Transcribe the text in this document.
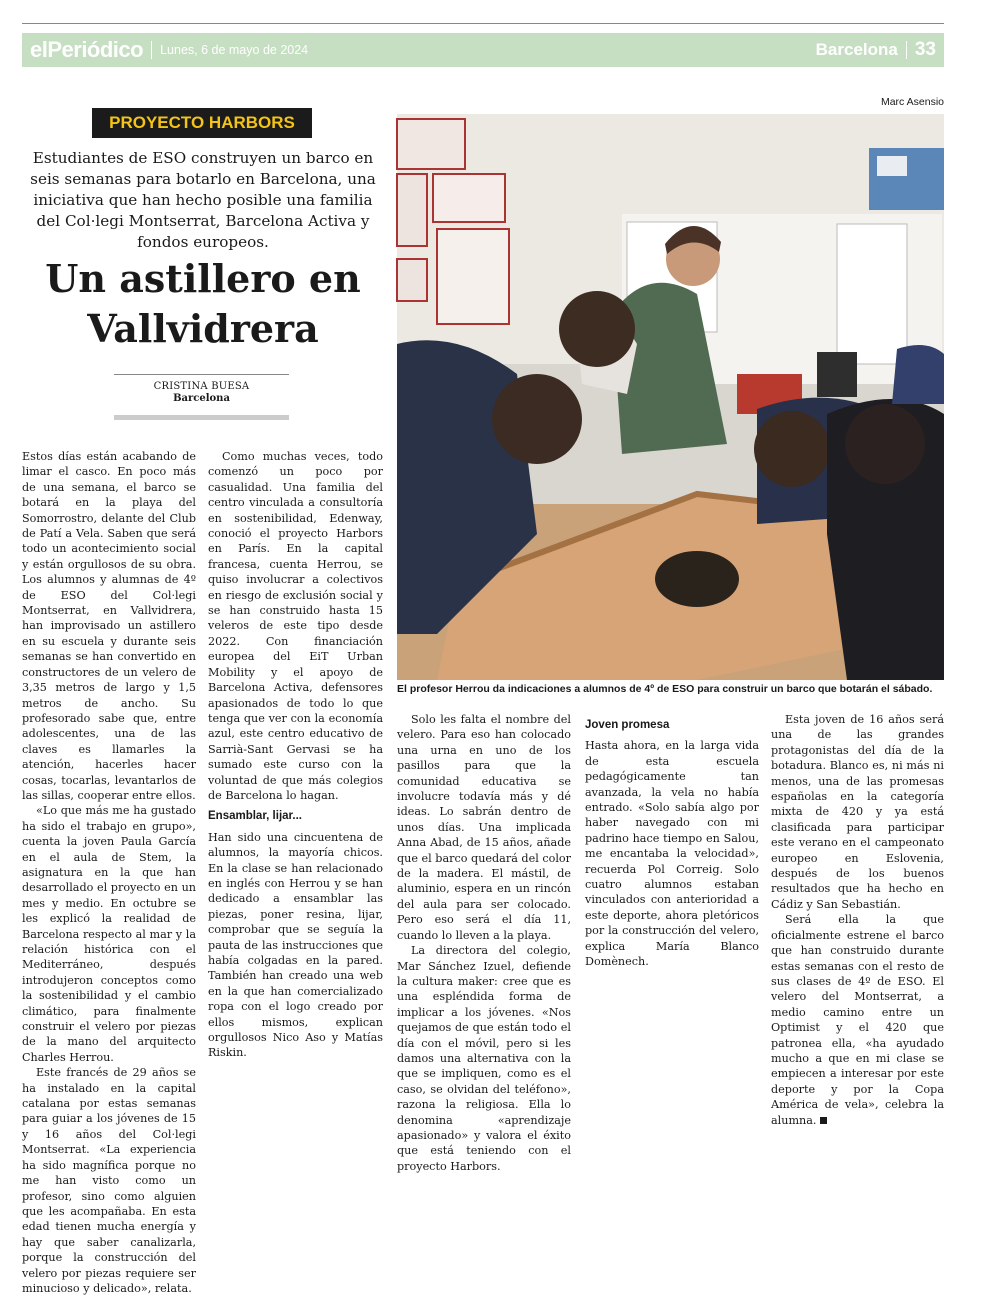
elPeriódico Lunes, 6 de mayo de 2024	Barcelona 33
PROYECTO HARBORS

Estudiantes de ESO construyen un barco en seis semanas para botarlo en Barcelona, una iniciativa que han hecho posible una familia del Col·legi Montserrat, Barcelona Activa y fondos europeos.

Un astillero en Vallvidrera
CRISTINA BUESA
Barcelona
Marc Asensio

El profesor Herrou da indicaciones a alumnos de 4º de ESO para construir un barco que botarán el sábado.

Estos días están acabando de limar el casco. En poco más de una semana, el barco se botará en la playa del Somorrostro, delante del Club de Patí a Vela. Saben que será todo un acontecimiento social y están orgullosos de su obra. Los alumnos y alumnas de 4º de ESO del Col·legi Montserrat, en Vallvidrera, han improvisado un astillero en su escuela y durante seis semanas se han convertido en constructores de un velero de 3,35 metros de largo y 1,5 metros de ancho. Su profesorado sabe que, entre adolescentes, una de las claves es llamarles la atención, hacerles hacer cosas, tocarlas, levantarlos de las sillas, cooperar entre ellos.

«Lo que más me ha gustado ha sido el trabajo en grupo», cuenta la joven Paula García en el aula de Stem, la asignatura en la que han desarrollado el proyecto en un mes y medio. En octubre se les explicó la realidad de Barcelona respecto al mar y la relación histórica con el Mediterráneo, después introdujeron conceptos como la sostenibilidad y el cambio climático, para finalmente construir el velero por piezas de la mano del arquitecto Charles Herrou.

Este francés de 29 años se ha instalado en la capital catalana por estas semanas para guiar a los jóvenes de 15 y 16 años del Col·legi Montserrat. «La experiencia ha sido magnífica porque no me han visto como un profesor, sino como alguien que les acompañaba. En esta edad tienen mucha energía y hay que saber canalizarla, porque la construcción del velero por piezas requiere ser minucioso y delicado», relata.

Como muchas veces, todo comenzó un poco por casualidad. Una familia del centro vinculada a consultoría en sostenibilidad, Edenway, conoció el proyecto Harbors en París. En la capital francesa, cuenta Herrou, se quiso involucrar a colectivos en riesgo de exclusión social y se han construido hasta 15 veleros de este tipo desde 2022. Con financiación europea del EiT Urban Mobility y el apoyo de Barcelona Activa, defensores apasionados de todo lo que tenga que ver con la economía azul, este centro educativo de Sarrià-Sant Gervasi se ha sumado este curso con la voluntad de que más colegios de Barcelona lo hagan.

Ensamblar, lijar...

Han sido una cincuentena de alumnos, la mayoría chicos. En la clase se han relacionado en inglés con Herrou y se han dedicado a ensamblar las piezas, poner resina, lijar, comprobar que se seguía la pauta de las instrucciones que había colgadas en la pared. También han creado una web en la que han comercializado ropa con el logo creado por ellos mismos, explican orgullosos Nico Aso y Matías Riskin.

Solo les falta el nombre del velero. Para eso han colocado una urna en uno de los pasillos para que la comunidad educativa se involucre todavía más y dé ideas. Lo sabrán dentro de unos días. Una implicada Anna Abad, de 15 años, añade que el barco quedará del color de la madera. El mástil, de aluminio, espera en un rincón del aula para ser colocado. Pero eso será el día 11, cuando lo lleven a la playa.

La directora del colegio, Mar Sánchez Izuel, defiende la cultura maker: cree que es una espléndida forma de implicar a los jóvenes. «Nos quejamos de que están todo el día con el móvil, pero si les damos una alternativa con la que se impliquen, como es el caso, se olvidan del teléfono», razona la religiosa. Ella lo denomina «aprendizaje apasionado» y valora el éxito que está teniendo con el proyecto Harbors.

Joven promesa

Hasta ahora, en la larga vida de esta escuela pedagógicamente tan avanzada, la vela no había entrado. «Solo sabía algo por haber navegado con mi padrino hace tiempo en Salou, me encantaba la velocidad», recuerda Pol Correig. Solo cuatro alumnos estaban vinculados con anterioridad a este deporte, ahora pletóricos por la construcción del velero, explica María Blanco Domènech.

Esta joven de 16 años será una de las grandes protagonistas del día de la botadura. Blanco es, ni más ni menos, una de las promesas españolas en la categoría mixta de 420 y ya está clasificada para participar este verano en el campeonato europeo en Eslovenia, después de los buenos resultados que ha hecho en Cádiz y San Sebastián.

Será ella la que oficialmente estrene el barco que han construido durante estas semanas con el resto de sus clases de 4º de ESO. El velero del Montserrat, a medio camino entre un Optimist y el 420 que patronea ella, «ha ayudado mucho a que en mi clase se empiecen a interesar por este deporte y por la Copa América de vela», celebra la alumna.
